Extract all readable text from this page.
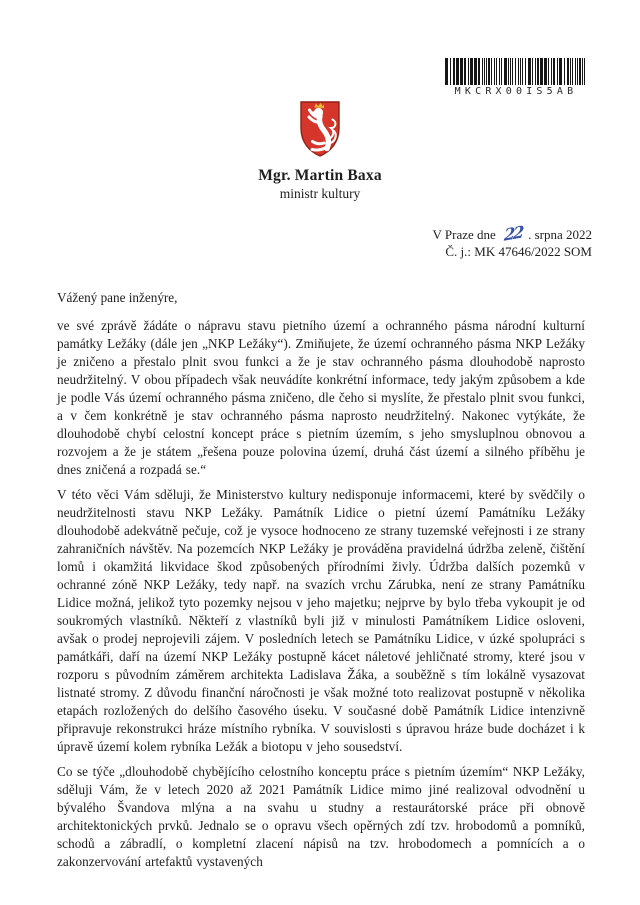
MKCRX00IS5AB
Mgr. Martin Baxa
ministr kultury
V Praze dne 22 . srpna 2022
Č. j.: MK 47646/2022 SOM

Vážený pane inženýre,

ve své zprávě žádáte o nápravu stavu pietního území a ochranného pásma národní kulturní památky Ležáky (dále jen „NKP Ležáky“). Zmiňujete, že území ochranného pásma NKP Ležáky je zničeno a přestalo plnit svou funkci a že je stav ochranného pásma dlouhodobě naprosto neudržitelný. V obou případech však neuvádíte konkrétní informace, tedy jakým způsobem a kde je podle Vás území ochranného pásma zničeno, dle čeho si myslíte, že přestalo plnit svou funkci, a v čem konkrétně je stav ochranného pásma naprosto neudržitelný. Nakonec vytýkáte, že dlouhodobě chybí celostní koncept práce s pietním územím, s jeho smysluplnou obnovou a rozvojem a že je státem „řešena pouze polovina území, druhá část území a silného příběhu je dnes zničená a rozpadá se.“

V této věci Vám sděluji, že Ministerstvo kultury nedisponuje informacemi, které by svědčily o neudržitelnosti stavu NKP Ležáky. Památník Lidice o pietní území Památníku Ležáky dlouhodobě adekvátně pečuje, což je vysoce hodnoceno ze strany tuzemské veřejnosti i ze strany zahraničních návštěv. Na pozemcích NKP Ležáky je prováděna pravidelná údržba zeleně, čištění lomů i okamžitá likvidace škod způsobených přírodními živly. Údržba dalších pozemků v ochranné zóně NKP Ležáky, tedy např. na svazích vrchu Zárubka, není ze strany Památníku Lidice možná, jelikož tyto pozemky nejsou v jeho majetku; nejprve by bylo třeba vykoupit je od soukromých vlastníků. Někteří z vlastníků byli již v minulosti Památníkem Lidice osloveni, avšak o prodej neprojevili zájem. V posledních letech se Památníku Lidice, v úzké spolupráci s památkáři, daří na území NKP Ležáky postupně kácet náletové jehličnaté stromy, které jsou v rozporu s původním záměrem architekta Ladislava Žáka, a souběžně s tím lokálně vysazovat listnaté stromy. Z důvodu finanční náročnosti je však možné toto realizovat postupně v několika etapách rozložených do delšího časového úseku. V současné době Památník Lidice intenzivně připravuje rekonstrukci hráze místního rybníka. V souvislosti s úpravou hráze bude docházet i k úpravě území kolem rybníka Ležák a biotopu v jeho sousedství.

Co se týče „dlouhodobě chybějícího celostního konceptu práce s pietním územím“ NKP Ležáky, sděluji Vám, že v letech 2020 až 2021 Památník Lidice mimo jiné realizoval odvodnění u bývalého Švandova mlýna a na svahu u studny a restaurátorské práce při obnově architektonických prvků. Jednalo se o opravu všech opěrných zdí tzv. hrobodomů a pomníků, schodů a zábradlí, o kompletní zlacení nápisů na tzv. hrobodomech a pomnících a o zakonzervování artefaktů vystavených
